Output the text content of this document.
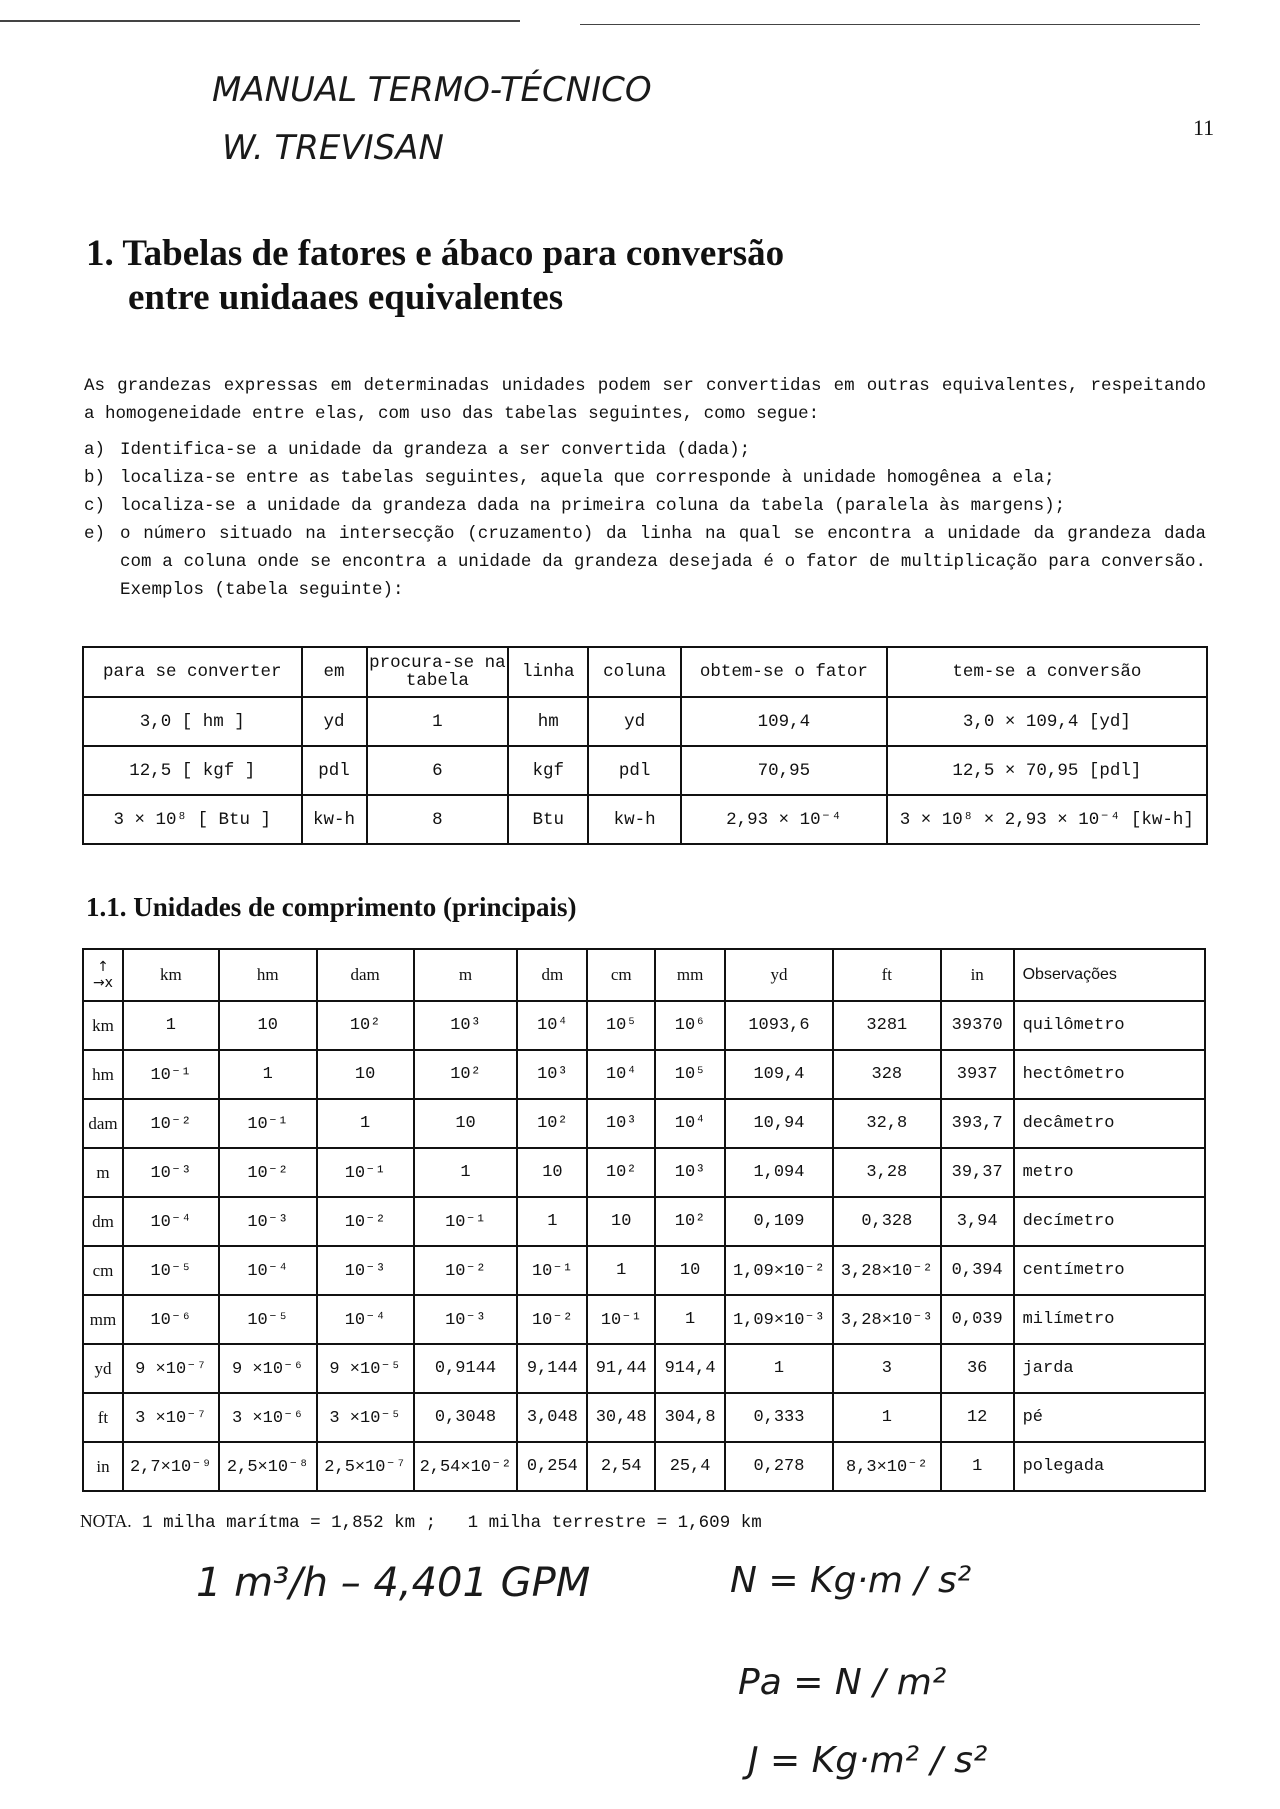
MANUAL TERMO-TÉCNICO
W. TREVISAN
11
1. Tabelas de fatores e ábaco para conversão
entre unidaaes equivalentes

As grandezas expressas em determinadas unidades podem ser convertidas em outras equivalentes, respeitando a homogeneidade entre elas, com uso das tabelas seguintes, como segue:

a) Identifica-se a unidade da grandeza a ser convertida (dada);
b) localiza-se entre as tabelas seguintes, aquela que corresponde à unidade homogênea a ela;
c) localiza-se a unidade da grandeza dada na primeira coluna da tabela (paralela às margens);
e) o número situado na intersecção (cruzamento) da linha na qual se encontra a unidade da grandeza dada com a coluna onde se encontra a unidade da grandeza desejada é o fator de multiplicação para conversão. Exemplos (tabela seguinte):
para se converter	em	procura-se na tabela	linha	coluna	obtem-se o fator	tem-se a conversão
3,0 [ hm ]	yd	1	hm	yd	109,4	3,0 × 109,4 [yd]
12,5 [ kgf ]	pdl	6	kgf	pdl	70,95	12,5 × 70,95 [pdl]
3 × 10⁸ [ Btu ]	kw-h	8	Btu	kw-h	2,93 × 10⁻⁴	3 × 10⁸ × 2,93 × 10⁻⁴ [kw-h]
1.1. Unidades de comprimento (principais)
↑
→x	km	hm	dam	m	dm	cm	mm	yd	ft	in	Observações
km	1	10	10²	10³	10⁴	10⁵	10⁶	1093,6	3281	39370	quilômetro
hm	10⁻¹	1	10	10²	10³	10⁴	10⁵	109,4	328	3937	hectômetro
dam	10⁻²	10⁻¹	1	10	10²	10³	10⁴	10,94	32,8	393,7	decâmetro
m	10⁻³	10⁻²	10⁻¹	1	10	10²	10³	1,094	3,28	39,37	metro
dm	10⁻⁴	10⁻³	10⁻²	10⁻¹	1	10	10²	0,109	0,328	3,94	decímetro
cm	10⁻⁵	10⁻⁴	10⁻³	10⁻²	10⁻¹	1	10	1,09×10⁻²	3,28×10⁻²	0,394	centímetro
mm	10⁻⁶	10⁻⁵	10⁻⁴	10⁻³	10⁻²	10⁻¹	1	1,09×10⁻³	3,28×10⁻³	0,039	milímetro
yd	9 ×10⁻⁷	9 ×10⁻⁶	9 ×10⁻⁵	0,9144	9,144	91,44	914,4	1	3	36	jarda
ft	3 ×10⁻⁷	3 ×10⁻⁶	3 ×10⁻⁵	0,3048	3,048	30,48	304,8	0,333	1	12	pé
in	2,7×10⁻⁹	2,5×10⁻⁸	2,5×10⁻⁷	2,54×10⁻²	0,254	2,54	25,4	0,278	8,3×10⁻²	1	polegada
NOTA. 1 milha marítma = 1,852 km ;   1 milha terrestre = 1,609 km
1 m³/h – 4,401 GPM	N = Kg·m / s²
Pa = N / m²
J = Kg·m² / s²
